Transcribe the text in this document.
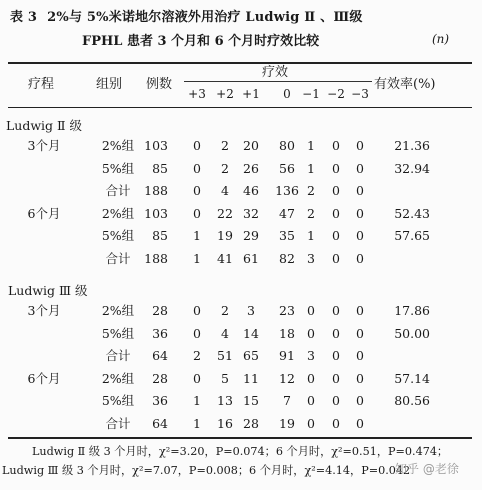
表 3 2%与 5%米诺地尔溶液外用治疗 Ludwig Ⅱ 、Ⅲ级
FPHL 患者 3 个月和 6 个月时疗效比较	(n)
疗程	组别 例数
疗效
有效率(%)
Ludwig Ⅱ 级 3 个月时，χ²=3.20，P=0.074；6 个月时，χ²=0.51，P=0.474；
Ludwig Ⅲ 级 3 个月时，χ²=7.07，P=0.008；6 个月时，χ²=4.14，P=0.042
知乎 @老徐
+3 +2 +1 0 −1 −2 −3
Ludwig Ⅱ 级
3个月	2%组 103 0 2 20 80 1 0 0 21.36
5%组 85 0 2 26 56 1 0 0 32.94
合计 188 0 4 46 136 2 0 0
6个月	2%组 103 0 22 32 47 2 0 0 52.43
5%组 85 1 19 29 35 1 0 0 57.65
合计 188 1 41 61 82 3 0 0
Ludwig Ⅲ 级
3个月	2%组 28 0 2 3 23 0 0 0 17.86
5%组 36 0 4 14 18 0 0 0 50.00
合计 64 2 51 65 91 3 0 0
6个月	2%组 28 0 5 11 12 0 0 0 57.14
5%组 36 1 13 15 7 0 0 0 80.56
合计 64 1 16 28 19 0 0 0
